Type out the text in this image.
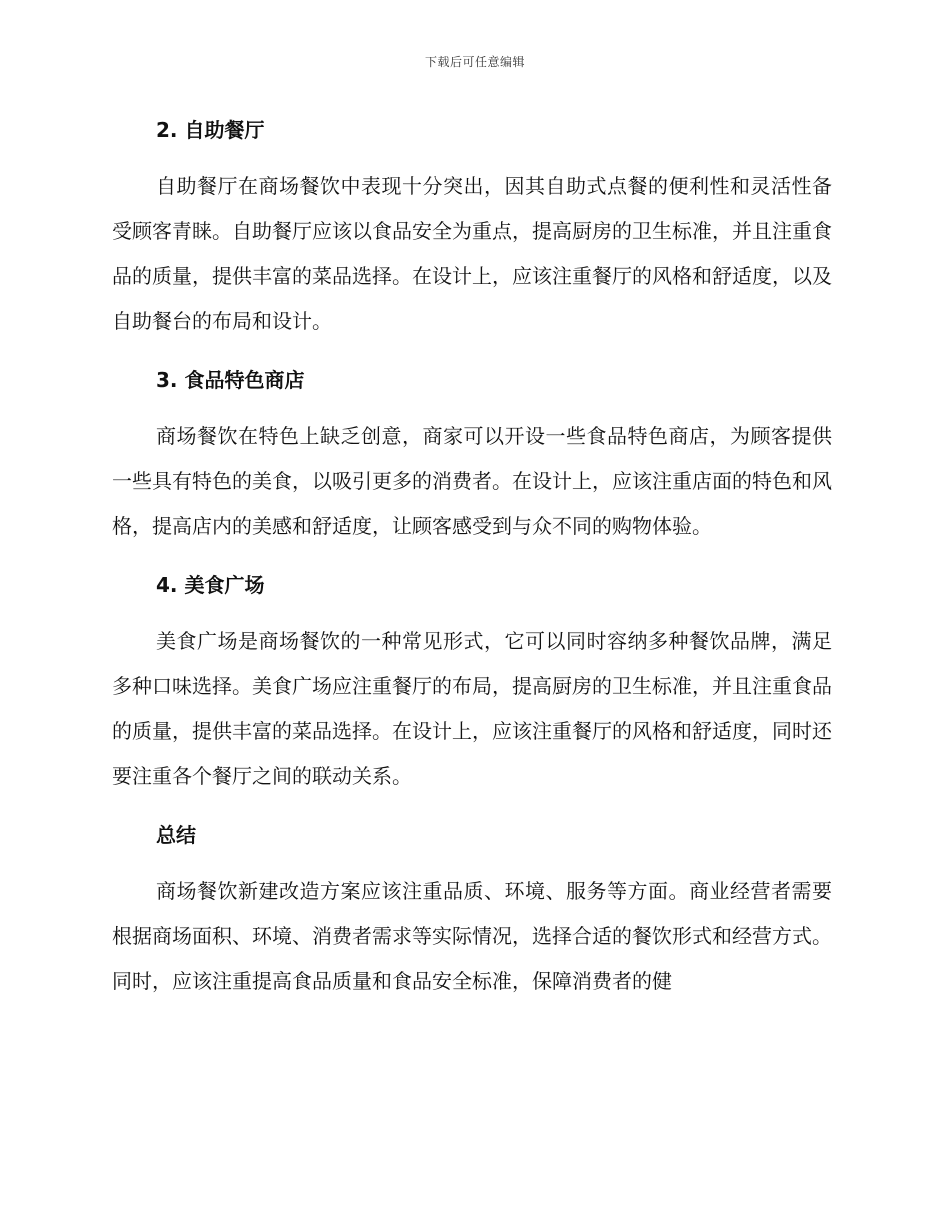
下载后可任意编辑
2. 自助餐厅

自助餐厅在商场餐饮中表现十分突出，因其自助式点餐的便利性和灵活性备受顾客青睐。自助餐厅应该以食品安全为重点，提高厨房的卫生标准，并且注重食品的质量，提供丰富的菜品选择。在设计上，应该注重餐厅的风格和舒适度，以及自助餐台的布局和设计。

3. 食品特色商店

商场餐饮在特色上缺乏创意，商家可以开设一些食品特色商店，为顾客提供一些具有特色的美食，以吸引更多的消费者。在设计上，应该注重店面的特色和风格，提高店内的美感和舒适度，让顾客感受到与众不同的购物体验。

4. 美食广场

美食广场是商场餐饮的一种常见形式，它可以同时容纳多种餐饮品牌，满足多种口味选择。美食广场应注重餐厅的布局，提高厨房的卫生标准，并且注重食品的质量，提供丰富的菜品选择。在设计上，应该注重餐厅的风格和舒适度，同时还要注重各个餐厅之间的联动关系。

总结

商场餐饮新建改造方案应该注重品质、环境、服务等方面。商业经营者需要根据商场面积、环境、消费者需求等实际情况，选择合适的餐饮形式和经营方式。同时，应该注重提高食品质量和食品安全标准，保障消费者的健
